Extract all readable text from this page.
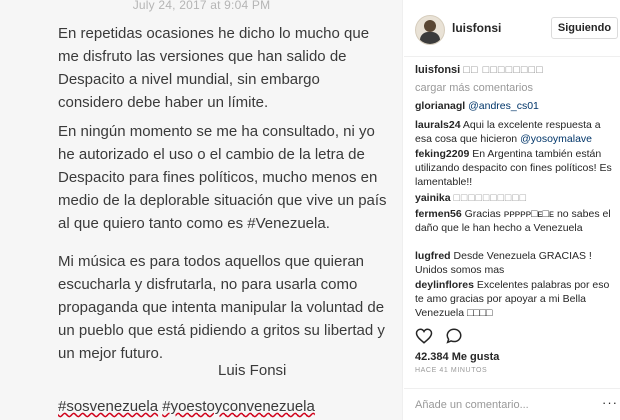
July 24, 2017 at 9:04 PM
En repetidas ocasiones he dicho lo mucho que me disfruto las versiones que han salido de Despacito a nivel mundial, sin embargo considero debe haber un límite.
En ningún momento se me ha consultado, ni yo he autorizado el uso o el cambio de la letra de Despacito para fines políticos, mucho menos en medio de la deplorable situación que vive un país al que quiero tanto como es #Venezuela.
Mi música es para todos aquellos que quieran escucharla y disfrutarla, no para usarla como propaganda que intenta manipular la voluntad de un pueblo que está pidiendo a gritos su libertad y un mejor futuro.
Luis Fonsi
#sosvenezuela #yoestoyconvenezuela
luisfonsi	Siguiendo
luisfonsi □□ □□□□□□□□
cargar más comentarios
glorianagl @andres_cs01
laurals24 Aqui la excelente respuesta a esa cosa que hicieron @yosoymalave
feking2209 En Argentina también están utilizando despacito con fines políticos! Es lamentable!!
yainika □□□□□□□□□□
fermen56 Gracias ᴘᴘᴘᴘᴘ□ᴇ□ᴇ no sabes el daño que le han hecho a Venezuela
lugfred Desde Venezuela GRACIAS ! Unidos somos mas
deylinflores Excelentes palabras por eso te amo gracias por apoyar a mi Bella Venezuela □□□□
42.384 Me gusta
HACE 41 MINUTOS
Añade un comentario...
···
